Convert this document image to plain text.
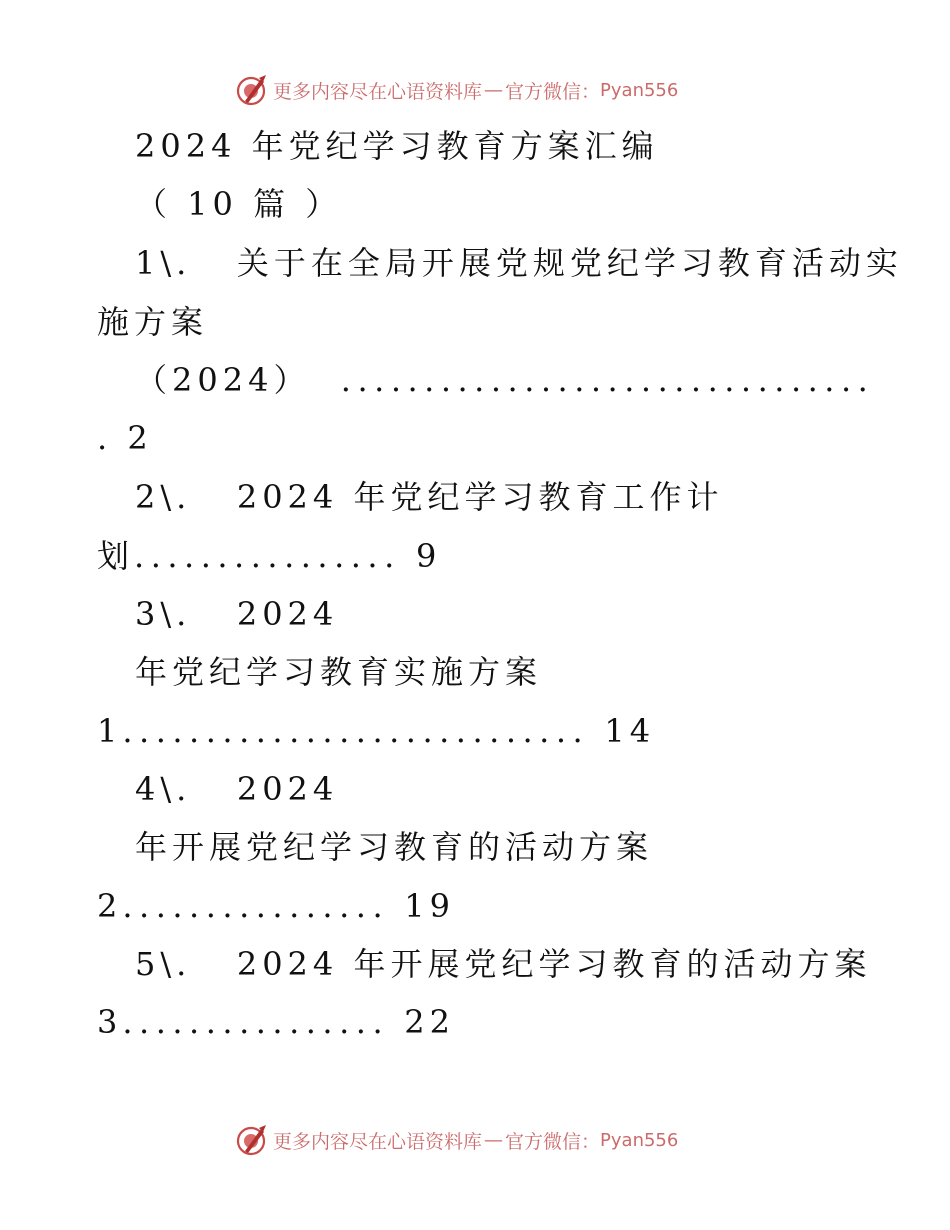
更多内容尽在心语资料库 — 官方微信： Pyan556
2024 年党纪学习教育方案汇编
（ 10 篇 ）
1\. 关于在全局开展党规党纪学习教育活动实
施方案
（2024） ................................
. 2
2\. 2024 年党纪学习教育工作计
划................ 9
3\. 2024
年党纪学习教育实施方案
1............................ 14
4\. 2024
年开展党纪学习教育的活动方案
2................ 19
5\. 2024 年开展党纪学习教育的活动方案
3................ 22
更多内容尽在心语资料库 — 官方微信： Pyan556
